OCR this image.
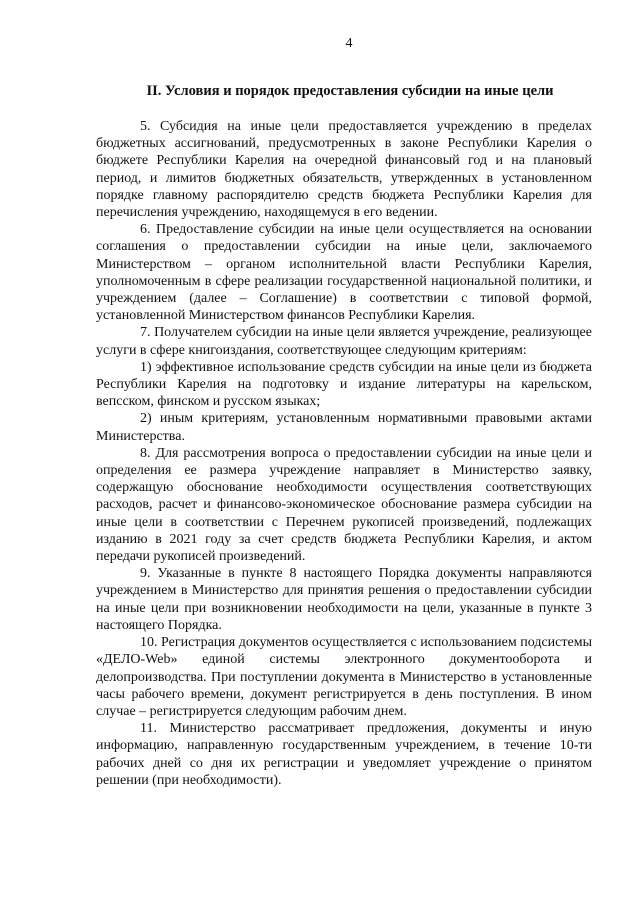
4
II. Условия и порядок предоставления субсидии на иные цели

5. Субсидия на иные цели предоставляется учреждению в пределах бюджетных ассигнований, предусмотренных в законе Республики Карелия о бюджете Республики Карелия на очередной финансовый год и на плановый период, и лимитов бюджетных обязательств, утвержденных в установленном порядке главному распорядителю средств бюджета Республики Карелия для перечисления учреждению, находящемуся в его ведении.

6. Предоставление субсидии на иные цели осуществляется на основании соглашения о предоставлении субсидии на иные цели, заключаемого Министерством – органом исполнительной власти Республики Карелия, уполномоченным в сфере реализации государственной национальной политики, и учреждением (далее – Соглашение) в соответствии с типовой формой, установленной Министерством финансов Республики Карелия.

7. Получателем субсидии на иные цели является учреждение, реализующее услуги в сфере книгоиздания, соответствующее следующим критериям:

1) эффективное использование средств субсидии на иные цели из бюджета Республики Карелия на подготовку и издание литературы на карельском, вепсском, финском и русском языках;

2) иным критериям, установленным нормативными правовыми актами Министерства.

8. Для рассмотрения вопроса о предоставлении субсидии на иные цели и определения ее размера учреждение направляет в Министерство заявку, содержащую обоснование необходимости осуществления соответствующих расходов, расчет и финансово-экономическое обоснование размера субсидии на иные цели в соответствии с Перечнем рукописей произведений, подлежащих изданию в 2021 году за счет средств бюджета Республики Карелия, и актом передачи рукописей произведений.

9. Указанные в пункте 8 настоящего Порядка документы направляются учреждением в Министерство для принятия решения о предоставлении субсидии на иные цели при возникновении необходимости на цели, указанные в пункте 3 настоящего Порядка.

10. Регистрация документов осуществляется с использованием подсистемы «ДЕЛО-Web» единой системы электронного документооборота и делопроизводства. При поступлении документа в Министерство в установленные часы рабочего времени, документ регистрируется в день поступления. В ином случае – регистрируется следующим рабочим днем.

11. Министерство рассматривает предложения, документы и иную информацию, направленную государственным учреждением, в течение 10-ти рабочих дней со дня их регистрации и уведомляет учреждение о принятом решении (при необходимости).
